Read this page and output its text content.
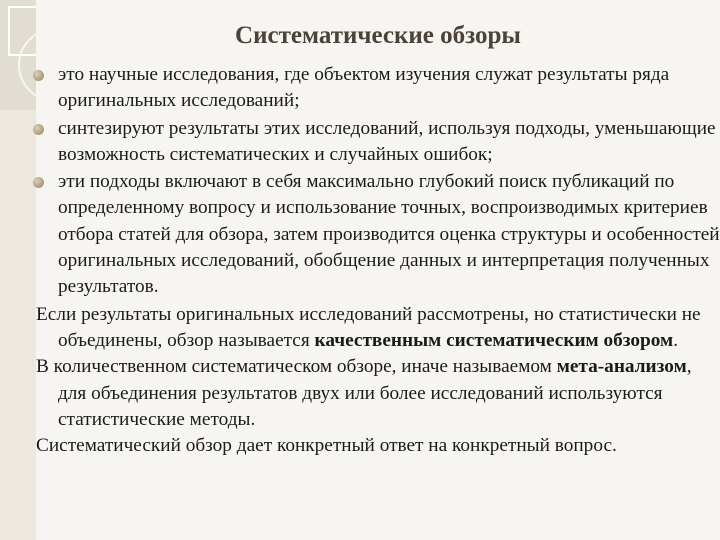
Систематические обзоры
это научные исследования, где объектом изучения служат результаты ряда оригинальных исследований;
синтезируют результаты этих исследований, используя подходы, уменьшающие возможность систематических и случайных ошибок;
эти подходы включают в себя максимально глубокий поиск публикаций по определенному вопросу и использование точных, воспроизводимых критериев отбора статей для обзора, затем производится оценка структуры и особенностей оригинальных исследований, обобщение данных и интерпретация полученных результатов.

Если результаты оригинальных исследований рассмотрены, но статистически не объединены, обзор называется качественным систематическим обзором.

В количественном систематическом обзоре, иначе называемом мета-анализом, для объединения результатов двух или более исследований используются статистические методы.

Систематический обзор дает конкретный ответ на конкретный вопрос.
